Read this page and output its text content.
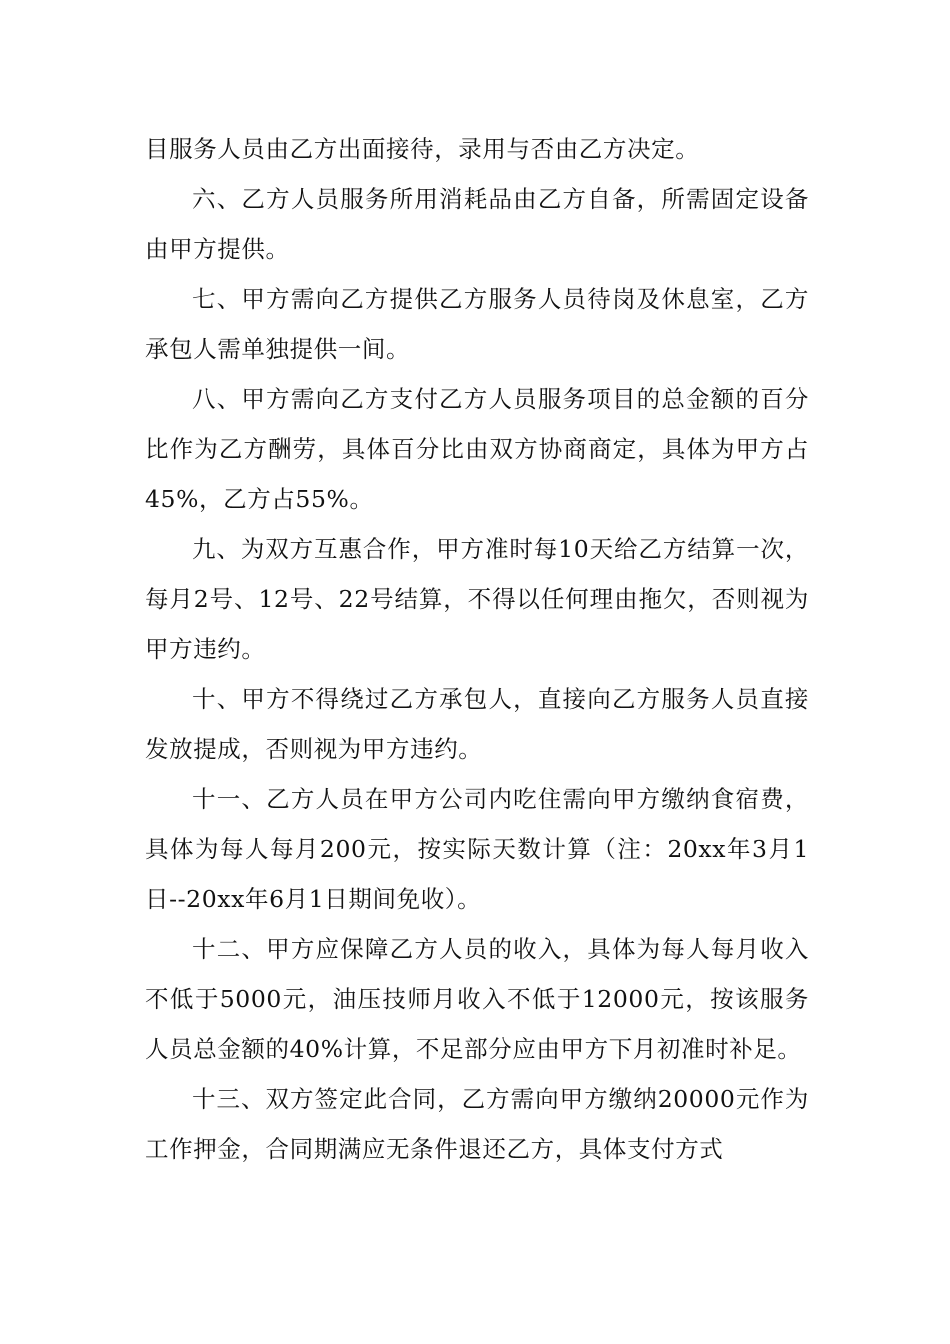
目服务人员由乙方出面接待，录用与否由乙方决定。

六、乙方人员服务所用消耗品由乙方自备，所需固定设备由甲方提供。

七、甲方需向乙方提供乙方服务人员待岗及休息室，乙方承包人需单独提供一间。

八、甲方需向乙方支付乙方人员服务项目的总金额的百分比作为乙方酬劳，具体百分比由双方协商商定，具体为甲方占45%，乙方占55%。

九、为双方互惠合作，甲方准时每10天给乙方结算一次，每月2号、12号、22号结算，不得以任何理由拖欠，否则视为甲方违约。

十、甲方不得绕过乙方承包人，直接向乙方服务人员直接发放提成，否则视为甲方违约。

十一、乙方人员在甲方公司内吃住需向甲方缴纳食宿费，具体为每人每月200元，按实际天数计算（注：20xx年3月1日--20xx年6月1日期间免收）。

十二、甲方应保障乙方人员的收入，具体为每人每月收入不低于5000元，油压技师月收入不低于12000元，按该服务人员总金额的40%计算，不足部分应由甲方下月初准时补足。

十三、双方签定此合同，乙方需向甲方缴纳20000元作为工作押金，合同期满应无条件退还乙方，具体支付方式
